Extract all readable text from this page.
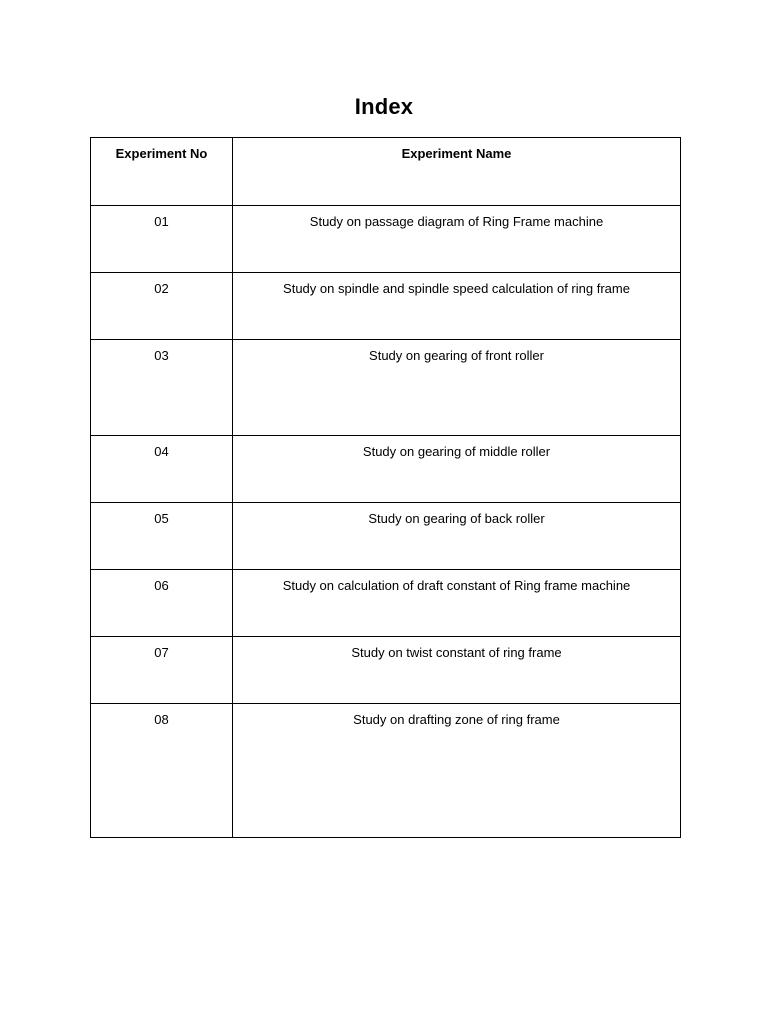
Index
Experiment No	Experiment Name
01	Study on passage diagram of Ring Frame machine
02	Study on spindle and spindle speed calculation of ring frame
03	Study on gearing of front roller
04	Study on gearing of middle roller
05	Study on gearing of back roller
06	Study on calculation of draft constant of Ring frame machine
07	Study on twist constant of ring frame
08	Study on drafting zone of ring frame
